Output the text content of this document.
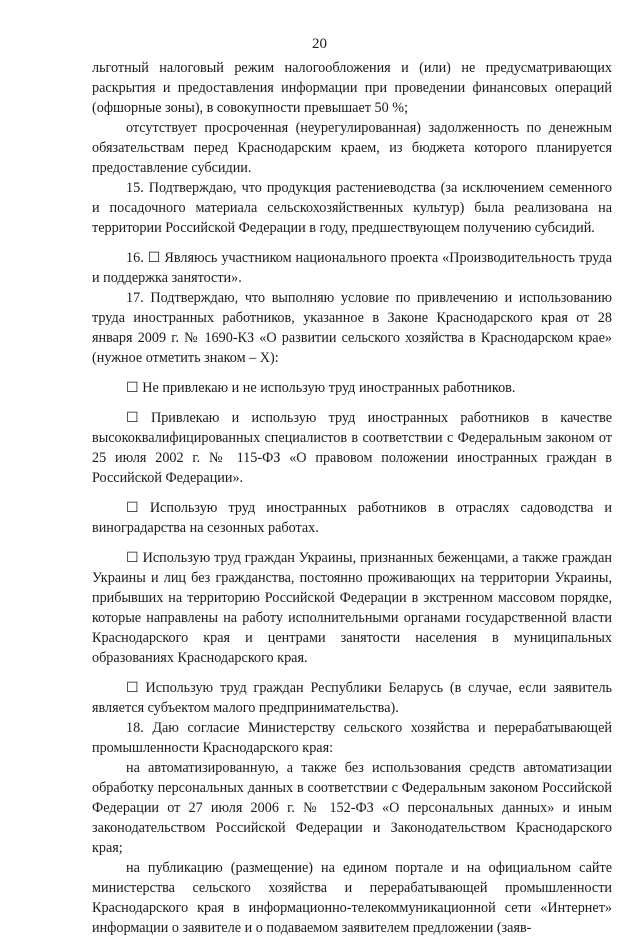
20

льготный налоговый режим налогообложения и (или) не предусматривающих раскрытия и предоставления информации при проведении финансовых операций (офшорные зоны), в совокупности превышает 50 %;

отсутствует просроченная (неурегулированная) задолженность по денежным обязательствам перед Краснодарским краем, из бюджета которого планируется предоставление субсидии.

15. Подтверждаю, что продукция растениеводства (за исключением семенного и посадочного материала сельскохозяйственных культур) была реализована на территории Российской Федерации в году, предшествующем получению субсидий.

16. ☐ Являюсь участником национального проекта «Производительность труда и поддержка занятости».

17. Подтверждаю, что выполняю условие по привлечению и использованию труда иностранных работников, указанное в Законе Краснодарского края от 28 января 2009 г. № 1690-КЗ «О развитии сельского хозяйства в Краснодарском крае» (нужное отметить знаком – Х):

☐ Не привлекаю и не использую труд иностранных работников.

☐ Привлекаю и использую труд иностранных работников в качестве высококвалифицированных специалистов в соответствии с Федеральным законом от 25 июля 2002 г. № 115-ФЗ «О правовом положении иностранных граждан в Российской Федерации».

☐ Использую труд иностранных работников в отраслях садоводства и виноградарства на сезонных работах.

☐ Использую труд граждан Украины, признанных беженцами, а также граждан Украины и лиц без гражданства, постоянно проживающих на территории Украины, прибывших на территорию Российской Федерации в экстренном массовом порядке, которые направлены на работу исполнительными органами государственной власти Краснодарского края и центрами занятости населения в муниципальных образованиях Краснодарского края.

☐ Использую труд граждан Республики Беларусь (в случае, если заявитель является субъектом малого предпринимательства).

18. Даю согласие Министерству сельского хозяйства и перерабатывающей промышленности Краснодарского края:

на автоматизированную, а также без использования средств автоматизации обработку персональных данных в соответствии с Федеральным законом Российской Федерации от 27 июля 2006 г. № 152-ФЗ «О персональных данных» и иным законодательством Российской Федерации и Законодательством Краснодарского края;

на публикацию (размещение) на едином портале и на официальном сайте министерства сельского хозяйства и перерабатывающей промышленности Краснодарского края в информационно-телекоммуникационной сети «Интернет» информации о заявителе и о подаваемом заявителем предложении (заяв-
